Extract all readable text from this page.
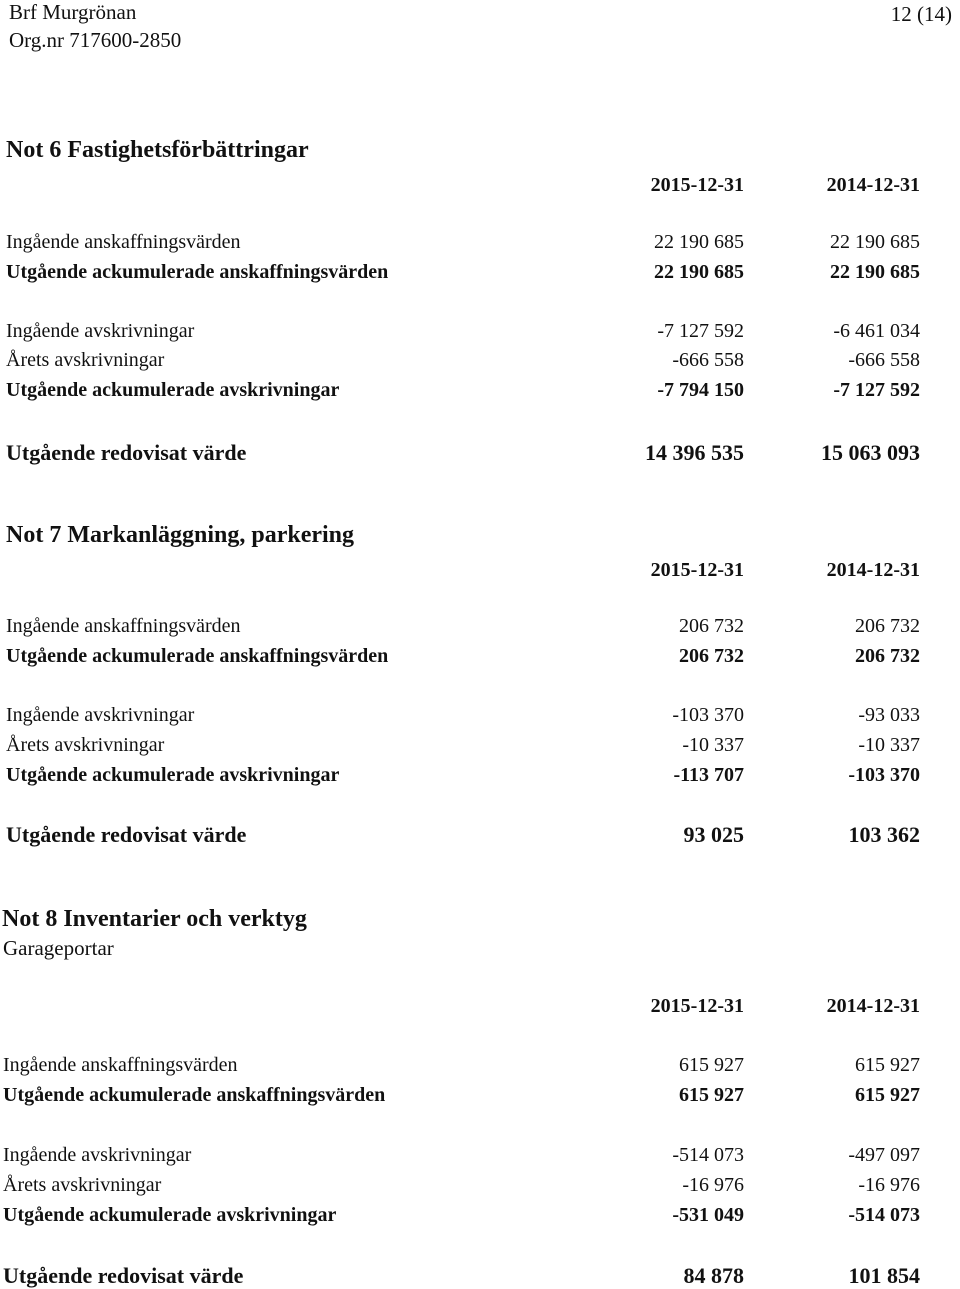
Brf Murgrönan
Org.nr 717600-2850
12 (14)
Not 6 Fastighetsförbättringar
2015-12-31	2014-12-31
Ingående anskaffningsvärden	22 190 685	22 190 685
Utgående ackumulerade anskaffningsvärden	22 190 685	22 190 685
Ingående avskrivningar	-7 127 592	-6 461 034
Årets avskrivningar	-666 558	-666 558
Utgående ackumulerade avskrivningar	-7 794 150	-7 127 592
Utgående redovisat värde	14 396 535	15 063 093
Not 7 Markanläggning, parkering
2015-12-31	2014-12-31
Ingående anskaffningsvärden	206 732	206 732
Utgående ackumulerade anskaffningsvärden	206 732	206 732
Ingående avskrivningar	-103 370	-93 033
Årets avskrivningar	-10 337	-10 337
Utgående ackumulerade avskrivningar	-113 707	-103 370
Utgående redovisat värde	93 025	103 362
Not 8 Inventarier och verktyg
Garageportar
2015-12-31	2014-12-31
Ingående anskaffningsvärden	615 927	615 927
Utgående ackumulerade anskaffningsvärden	615 927	615 927
Ingående avskrivningar	-514 073	-497 097
Årets avskrivningar	-16 976	-16 976
Utgående ackumulerade avskrivningar	-531 049	-514 073
Utgående redovisat värde	84 878	101 854
